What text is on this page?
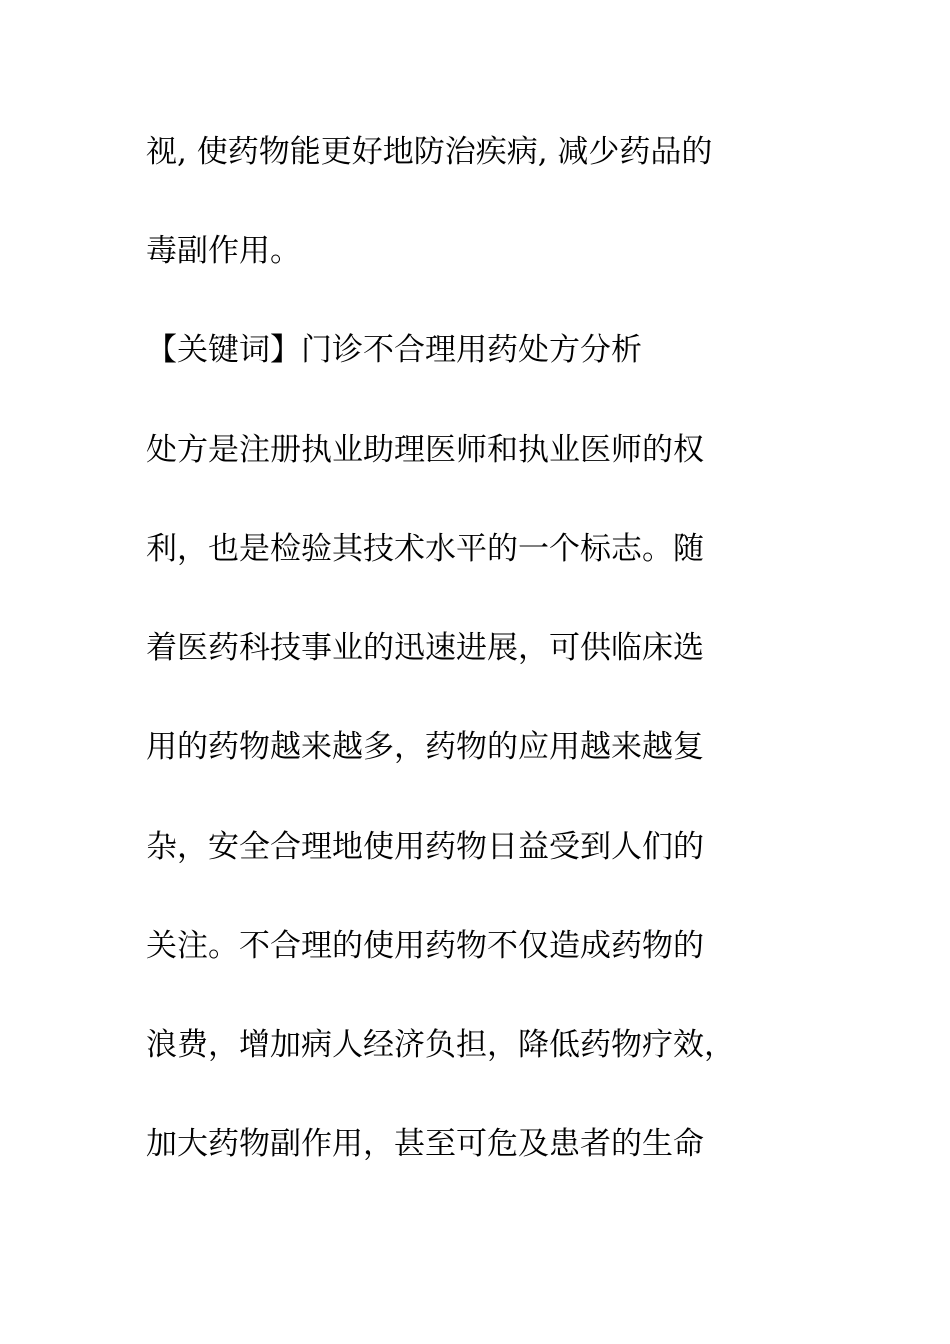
视, 使药物能更好地防治疾病, 减少药品的
毒副作用。
【关键词】门诊不合理用药处方分析
处方是注册执业助理医师和执业医师的权
利，也是检验其技术水平的一个标志。随
着医药科技事业的迅速进展，可供临床选
用的药物越来越多，药物的应用越来越复
杂，安全合理地使用药物日益受到人们的
关注。不合理的使用药物不仅造成药物的
浪费，增加病人经济负担，降低药物疗效，
加大药物副作用，甚至可危及患者的生命
